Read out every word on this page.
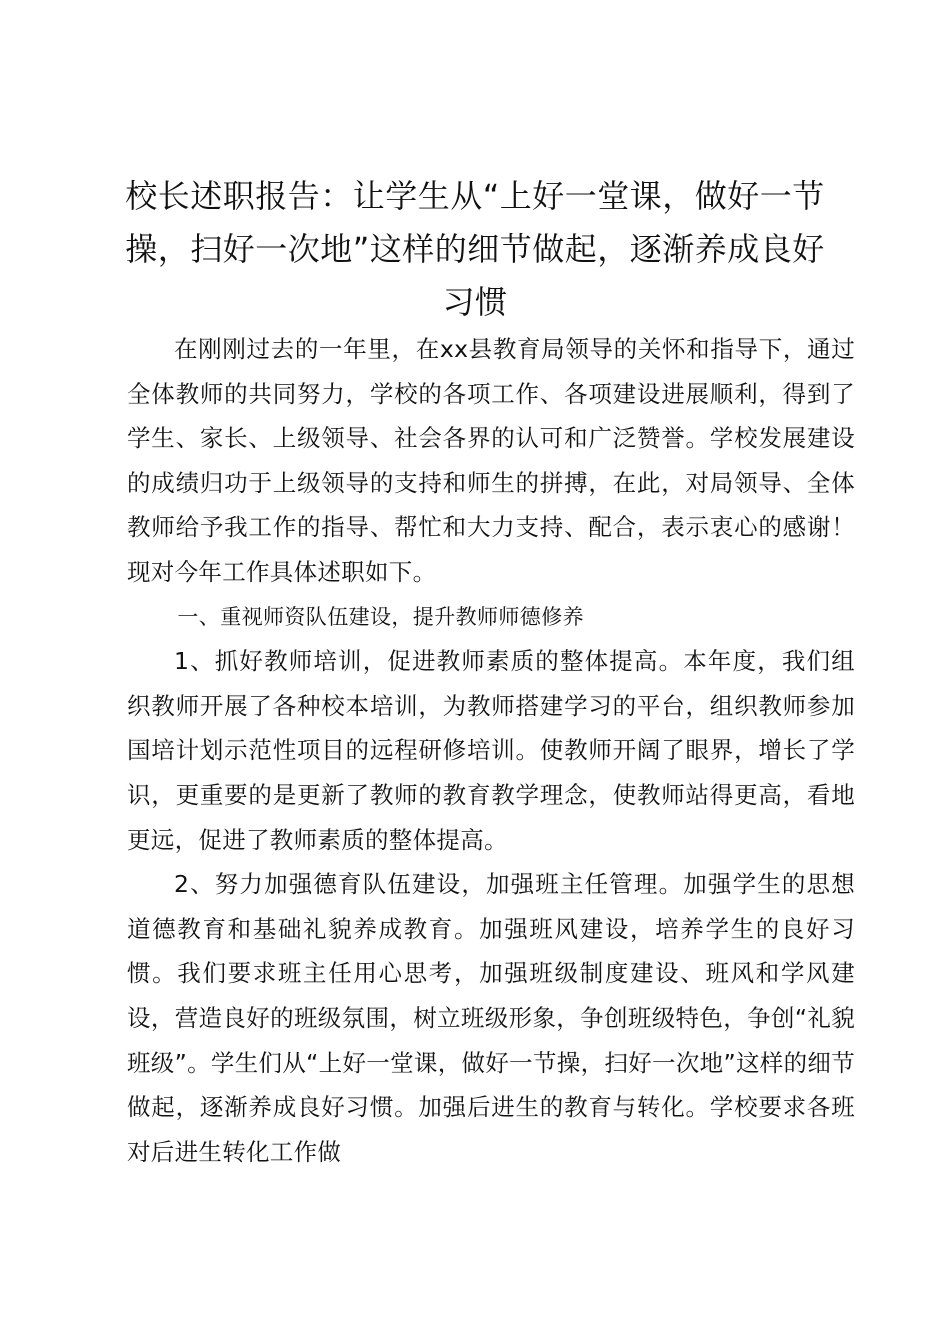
校长述职报告：让学生从“上好一堂课，做好一节操，扫好一次地”这样的细节做起，逐渐养成良好习惯

在刚刚过去的一年里，在xx县教育局领导的关怀和指导下，通过全体教师的共同努力，学校的各项工作、各项建设进展顺利，得到了学生、家长、上级领导、社会各界的认可和广泛赞誉。学校发展建设的成绩归功于上级领导的支持和师生的拼搏，在此，对局领导、全体教师给予我工作的指导、帮忙和大力支持、配合，表示衷心的感谢！现对今年工作具体述职如下。

一、重视师资队伍建设，提升教师师德修养

1、抓好教师培训，促进教师素质的整体提高。本年度，我们组织教师开展了各种校本培训，为教师搭建学习的平台，组织教师参加国培计划示范性项目的远程研修培训。使教师开阔了眼界，增长了学识，更重要的是更新了教师的教育教学理念，使教师站得更高，看地更远，促进了教师素质的整体提高。

2、努力加强德育队伍建设，加强班主任管理。加强学生的思想道德教育和基础礼貌养成教育。加强班风建设，培养学生的良好习惯。我们要求班主任用心思考，加强班级制度建设、班风和学风建设，营造良好的班级氛围，树立班级形象，争创班级特色，争创“礼貌班级”。学生们从“上好一堂课，做好一节操，扫好一次地”这样的细节做起，逐渐养成良好习惯。加强后进生的教育与转化。学校要求各班对后进生转化工作做
